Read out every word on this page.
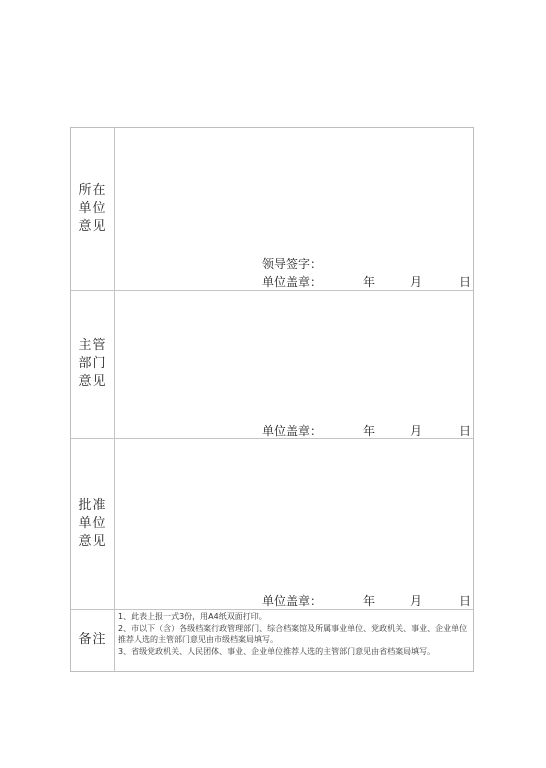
所在单位意见
领导签字：
单位盖章：	年	月	日
主管部门意见
单位盖章：	年	月	日
批准单位意见
单位盖章：	年	月	日
备注
1、此表上报一式3份，用A4纸双面打印。
2、市以下（含）各级档案行政管理部门、综合档案馆及所属事业单位、党政机关、事业、企业单位推荐人选的主管部门意见由市级档案局填写。
3、省级党政机关、人民团体、事业、企业单位推荐人选的主管部门意见由省档案局填写。
